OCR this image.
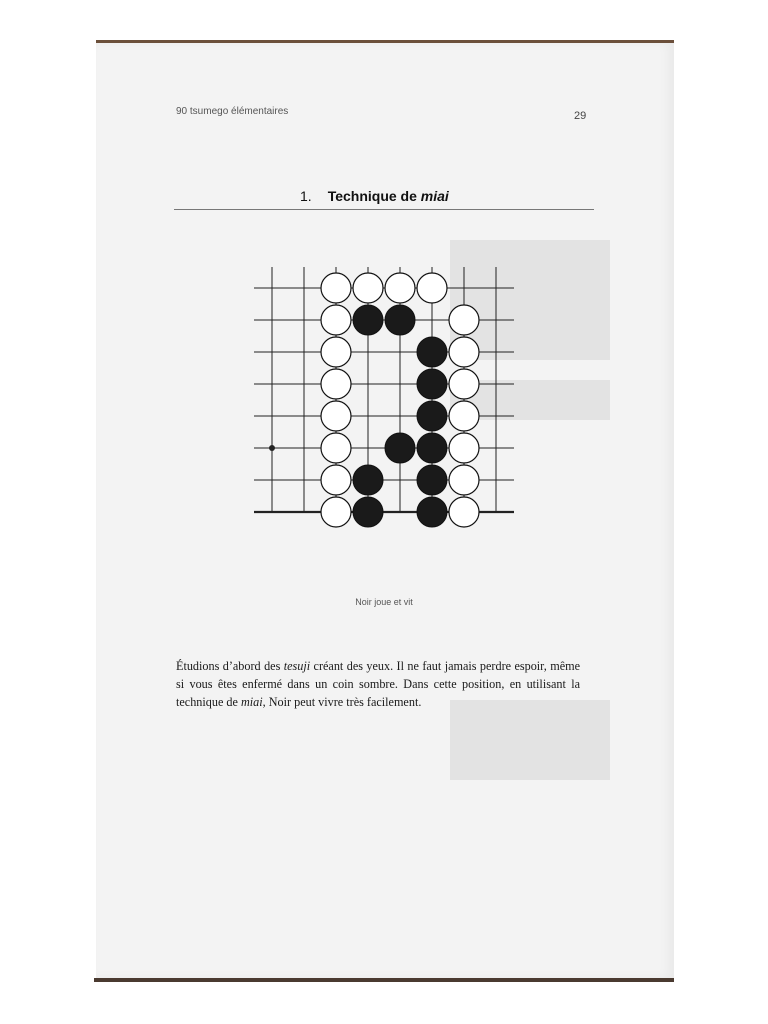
90 tsumego élémentaires	29
1. Technique de miai
Noir joue et vit

Étudions d’abord des tesuji créant des yeux. Il ne faut jamais perdre espoir, même si vous êtes enfermé dans un coin sombre. Dans cette position, en utilisant la technique de miai, Noir peut vivre très facilement.
